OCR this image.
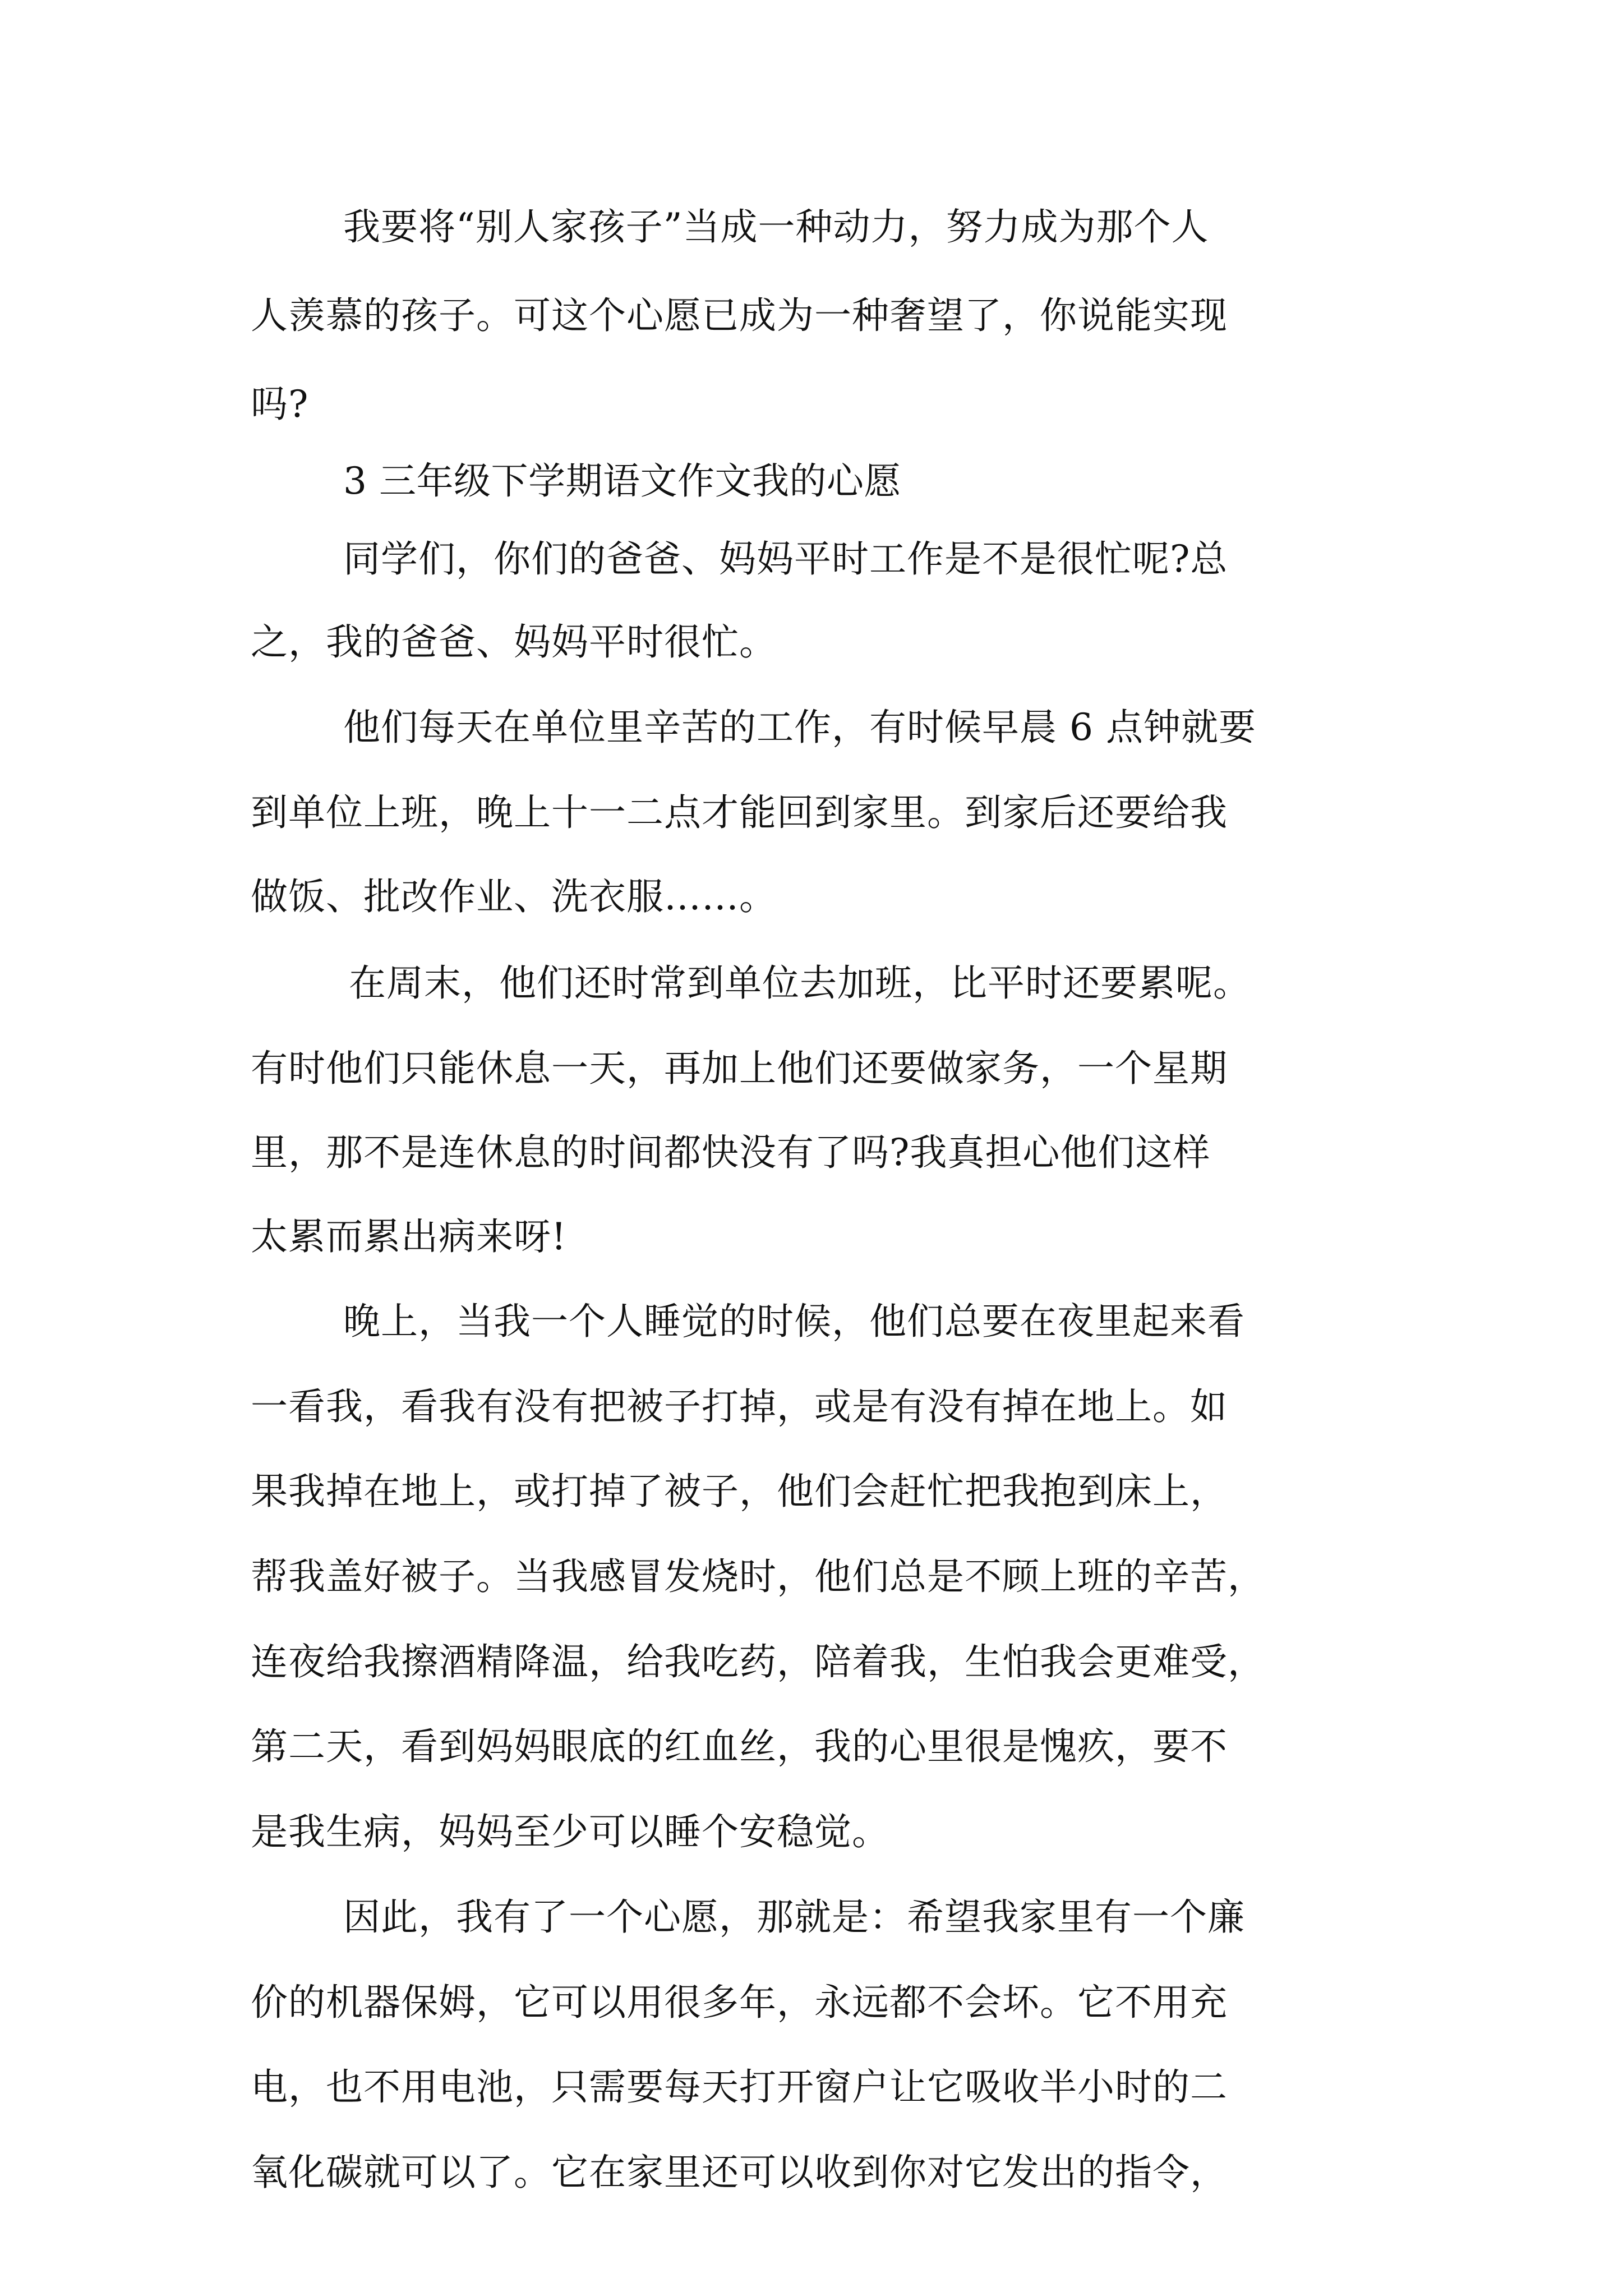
我要将“别人家孩子”当成一种动力，努力成为那个人
人羡慕的孩子。可这个心愿已成为一种奢望了，你说能实现
吗?
3 三年级下学期语文作文我的心愿
同学们，你们的爸爸、妈妈平时工作是不是很忙呢?总
之，我的爸爸、妈妈平时很忙。
他们每天在单位里辛苦的工作，有时候早晨 6 点钟就要
到单位上班，晚上十一二点才能回到家里。到家后还要给我
做饭、批改作业、洗衣服……。
在周末，他们还时常到单位去加班，比平时还要累呢。
有时他们只能休息一天，再加上他们还要做家务，一个星期
里，那不是连休息的时间都快没有了吗?我真担心他们这样
太累而累出病来呀!
晚上，当我一个人睡觉的时候，他们总要在夜里起来看
一看我，看我有没有把被子打掉，或是有没有掉在地上。如
果我掉在地上，或打掉了被子，他们会赶忙把我抱到床上，
帮我盖好被子。当我感冒发烧时，他们总是不顾上班的辛苦，
连夜给我擦酒精降温，给我吃药，陪着我，生怕我会更难受，
第二天，看到妈妈眼底的红血丝，我的心里很是愧疚，要不
是我生病，妈妈至少可以睡个安稳觉。
因此，我有了一个心愿，那就是：希望我家里有一个廉
价的机器保姆，它可以用很多年，永远都不会坏。它不用充
电，也不用电池，只需要每天打开窗户让它吸收半小时的二
氧化碳就可以了。它在家里还可以收到你对它发出的指令，
